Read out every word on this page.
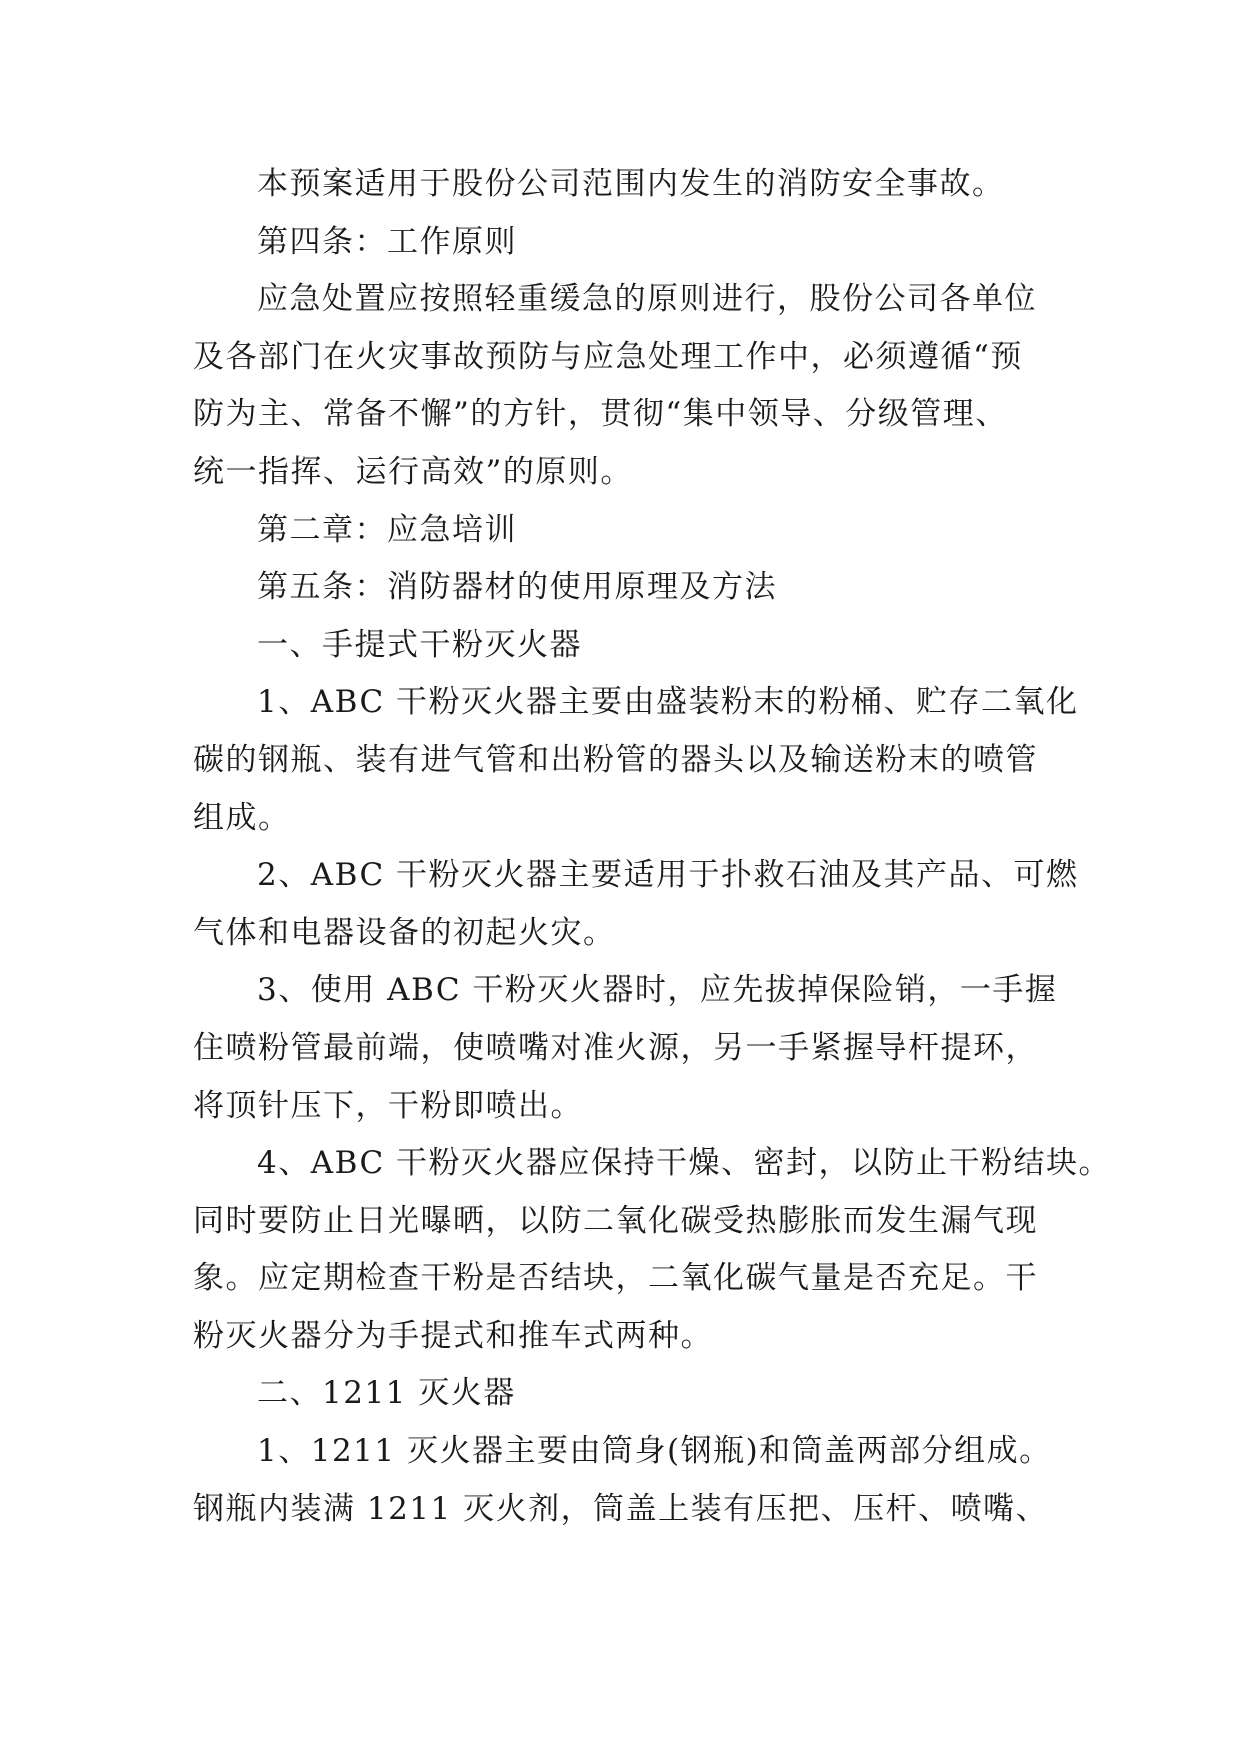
本预案适用于股份公司范围内发生的消防安全事故。
第四条：工作原则
应急处置应按照轻重缓急的原则进行，股份公司各单位
及各部门在火灾事故预防与应急处理工作中，必须遵循“预
防为主、常备不懈”的方针，贯彻“集中领导、分级管理、
统一指挥、运行高效”的原则。
第二章：应急培训
第五条：消防器材的使用原理及方法
一、手提式干粉灭火器
1、ABC 干粉灭火器主要由盛装粉末的粉桶、贮存二氧化
碳的钢瓶、装有进气管和出粉管的器头以及输送粉末的喷管
组成。
2、ABC 干粉灭火器主要适用于扑救石油及其产品、可燃
气体和电器设备的初起火灾。
3、使用 ABC 干粉灭火器时，应先拔掉保险销，一手握
住喷粉管最前端，使喷嘴对准火源，另一手紧握导杆提环，
将顶针压下，干粉即喷出。
4、ABC 干粉灭火器应保持干燥、密封，以防止干粉结块。
同时要防止日光曝晒，以防二氧化碳受热膨胀而发生漏气现
象。应定期检查干粉是否结块，二氧化碳气量是否充足。干
粉灭火器分为手提式和推车式两种。
二、1211 灭火器
1、1211 灭火器主要由筒身(钢瓶)和筒盖两部分组成。
钢瓶内装满 1211 灭火剂，筒盖上装有压把、压杆、喷嘴、
